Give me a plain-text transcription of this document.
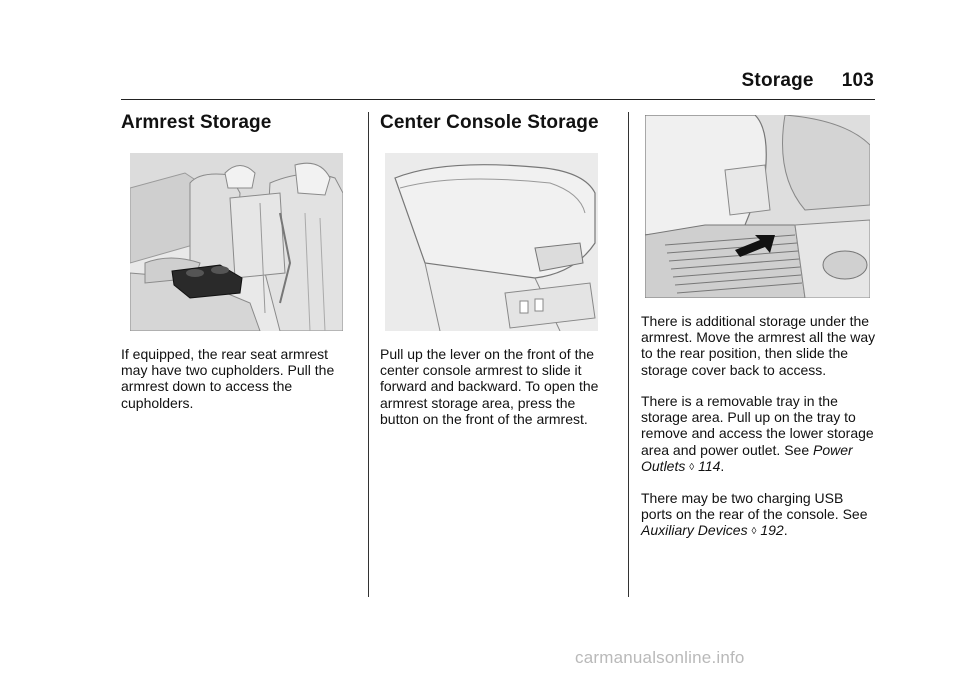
Storage 103
Armrest Storage

If equipped, the rear seat armrest may have two cupholders. Pull the armrest down to access the cupholders.

Center Console Storage

Pull up the lever on the front of the center console armrest to slide it forward and backward. To open the armrest storage area, press the button on the front of the armrest.

There is additional storage under the armrest. Move the armrest all the way to the rear position, then slide the storage cover back to access.

There is a removable tray in the storage area. Pull up on the tray to remove and access the lower storage area and power outlet. See Power Outlets ◊ 114.

There may be two charging USB ports on the rear of the console. See Auxiliary Devices ◊ 192.

carmanualsonline.info
